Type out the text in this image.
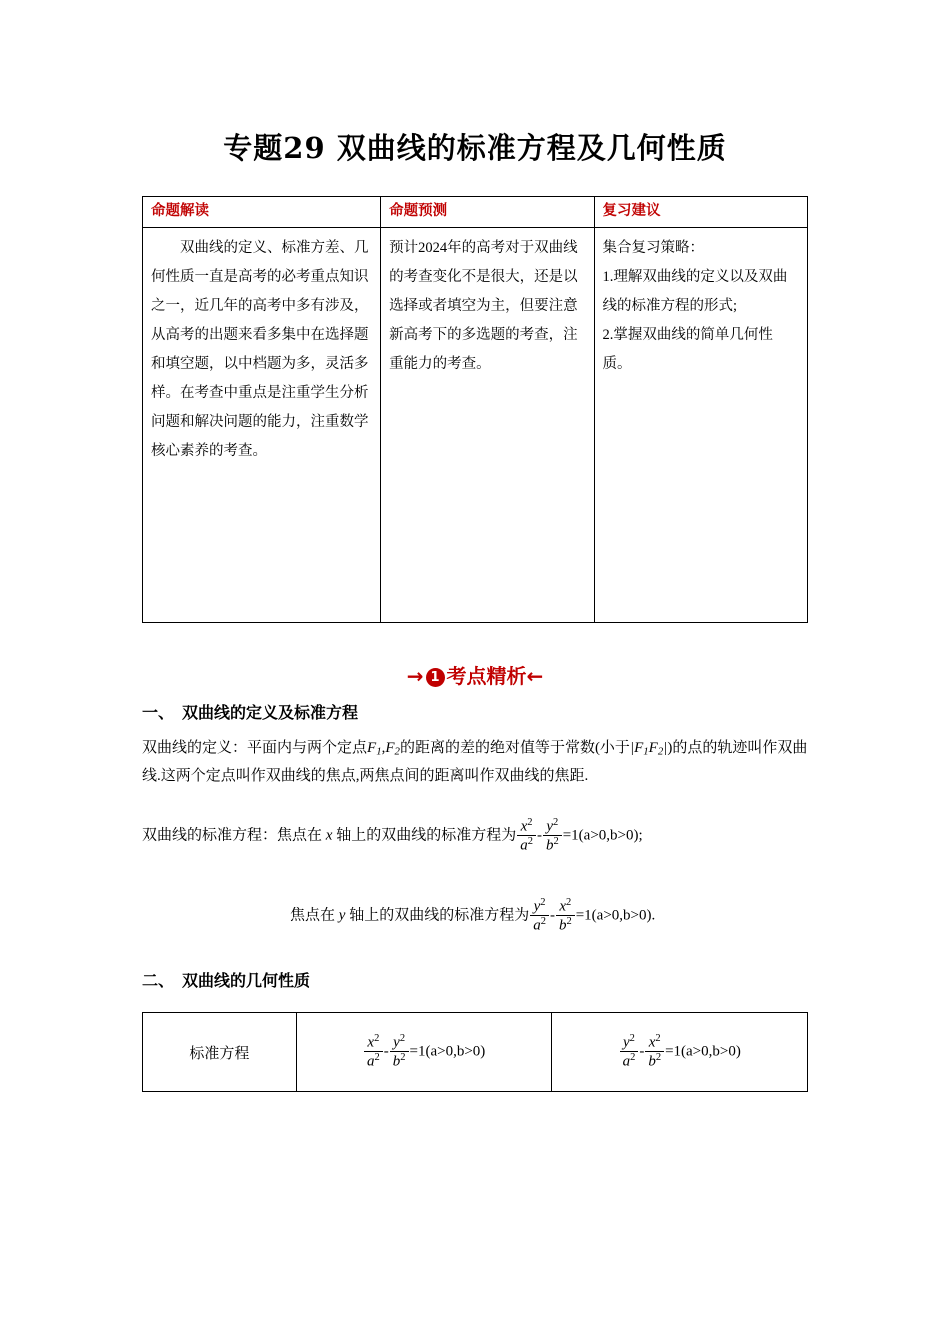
专题29 双曲线的标准方程及几何性质
命题解读	命题预测	复习建议

双曲线的定义、标准方差、几何性质一直是高考的必考重点知识之一，近几年的高考中多有涉及，从高考的出题来看多集中在选择题和填空题，以中档题为多，灵活多样。在考查中重点是注重学生分析问题和解决问题的能力，注重数学核心素养的考查。	预计2024年的高考对于双曲线的考查变化不是很大，还是以选择或者填空为主，但要注意新高考下的多选题的考查，注重能力的考查。	集合复习策略：
1.理解双曲线的定义以及双曲线的标准方程的形式;
2.掌握双曲线的简单几何性质。
→ 1 考点精析←
一、 双曲线的定义及标准方程
双曲线的定义：平面内与两个定点$F_1,F_2$的距离的差的绝对值等于常数(小于$|F_1F_2|$)的点的轨迹叫作双曲线.这两个定点叫作双曲线的焦点,两焦点间的距离叫作双曲线的焦距.
双曲线的标准方程：焦点在 x 轴上的双曲线的标准方程为 $\frac{x^2}{a^2} - \frac{y^2}{b^2} =1(a>0,b>0)$;
焦点在 y 轴上的双曲线的标准方程为 $\frac{y^2}{a^2} - \frac{x^2}{b^2} =1(a>0,b>0)$.
二、 双曲线的几何性质
标准方程	$\frac{x^2}{a^2} - \frac{y^2}{b^2} =1(a>0,b>0)$	$\frac{y^2}{a^2} - \frac{x^2}{b^2} =1(a>0,b>0)$
